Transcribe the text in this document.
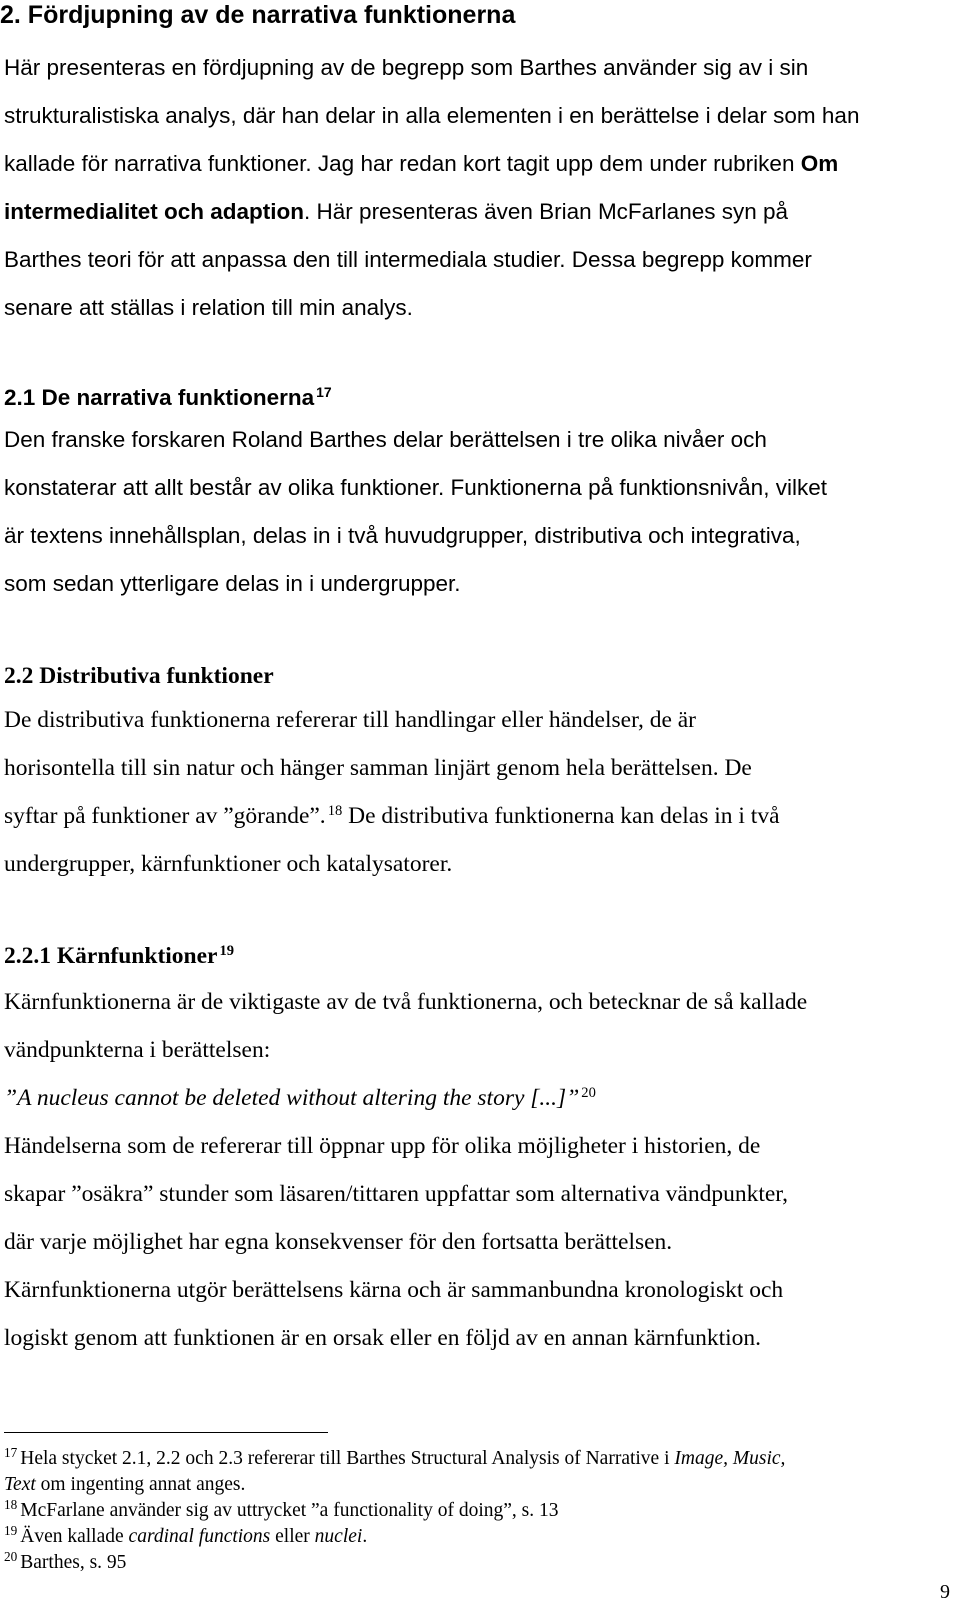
2. Fördjupning av de narrativa funktionerna

Här presenteras en fördjupning av de begrepp som Barthes använder sig av i sin
strukturalistiska analys, där han delar in alla elementen i en berättelse i delar som han
kallade för narrativa funktioner. Jag har redan kort tagit upp dem under rubriken Om
intermedialitet och adaption. Här presenteras även Brian McFarlanes syn på
Barthes teori för att anpassa den till intermediala studier. Dessa begrepp kommer
senare att ställas i relation till min analys.

2.1 De narrativa funktionerna $^{17}$

Den franske forskaren Roland Barthes delar berättelsen i tre olika nivåer och
konstaterar att allt består av olika funktioner. Funktionerna på funktionsnivån, vilket
är textens innehållsplan, delas in i två huvudgrupper, distributiva och integrativa,
som sedan ytterligare delas in i undergrupper.

2.2 Distributiva funktioner

De distributiva funktionerna refererar till handlingar eller händelser, de är
horisontella till sin natur och hänger samman linjärt genom hela berättelsen. De
syftar på funktioner av ”görande”. $^{18}$ De distributiva funktionerna kan delas in i två
undergrupper, kärnfunktioner och katalysatorer.

2.2.1 Kärnfunktioner $^{19}$

Kärnfunktionerna är de viktigaste av de två funktionerna, och betecknar de så kallade
vändpunkterna i berättelsen:
”A nucleus cannot be deleted without altering the story [...]” $^{20}$
Händelserna som de refererar till öppnar upp för olika möjligheter i historien, de
skapar ”osäkra” stunder som läsaren/tittaren uppfattar som alternativa vändpunkter,
där varje möjlighet har egna konsekvenser för den fortsatta berättelsen.
Kärnfunktionerna utgör berättelsens kärna och är sammanbundna kronologiskt och
logiskt genom att funktionen är en orsak eller en följd av en annan kärnfunktion.

$^{17}$ Hela stycket 2.1, 2.2 och 2.3 refererar till Barthes Structural Analysis of Narrative i Image, Music,
Text om ingenting annat anges.
$^{18}$ McFarlane använder sig av uttrycket ”a functionality of doing”, s. 13
$^{19}$ Även kallade cardinal functions eller nuclei.
$^{20}$ Barthes, s. 95
9
